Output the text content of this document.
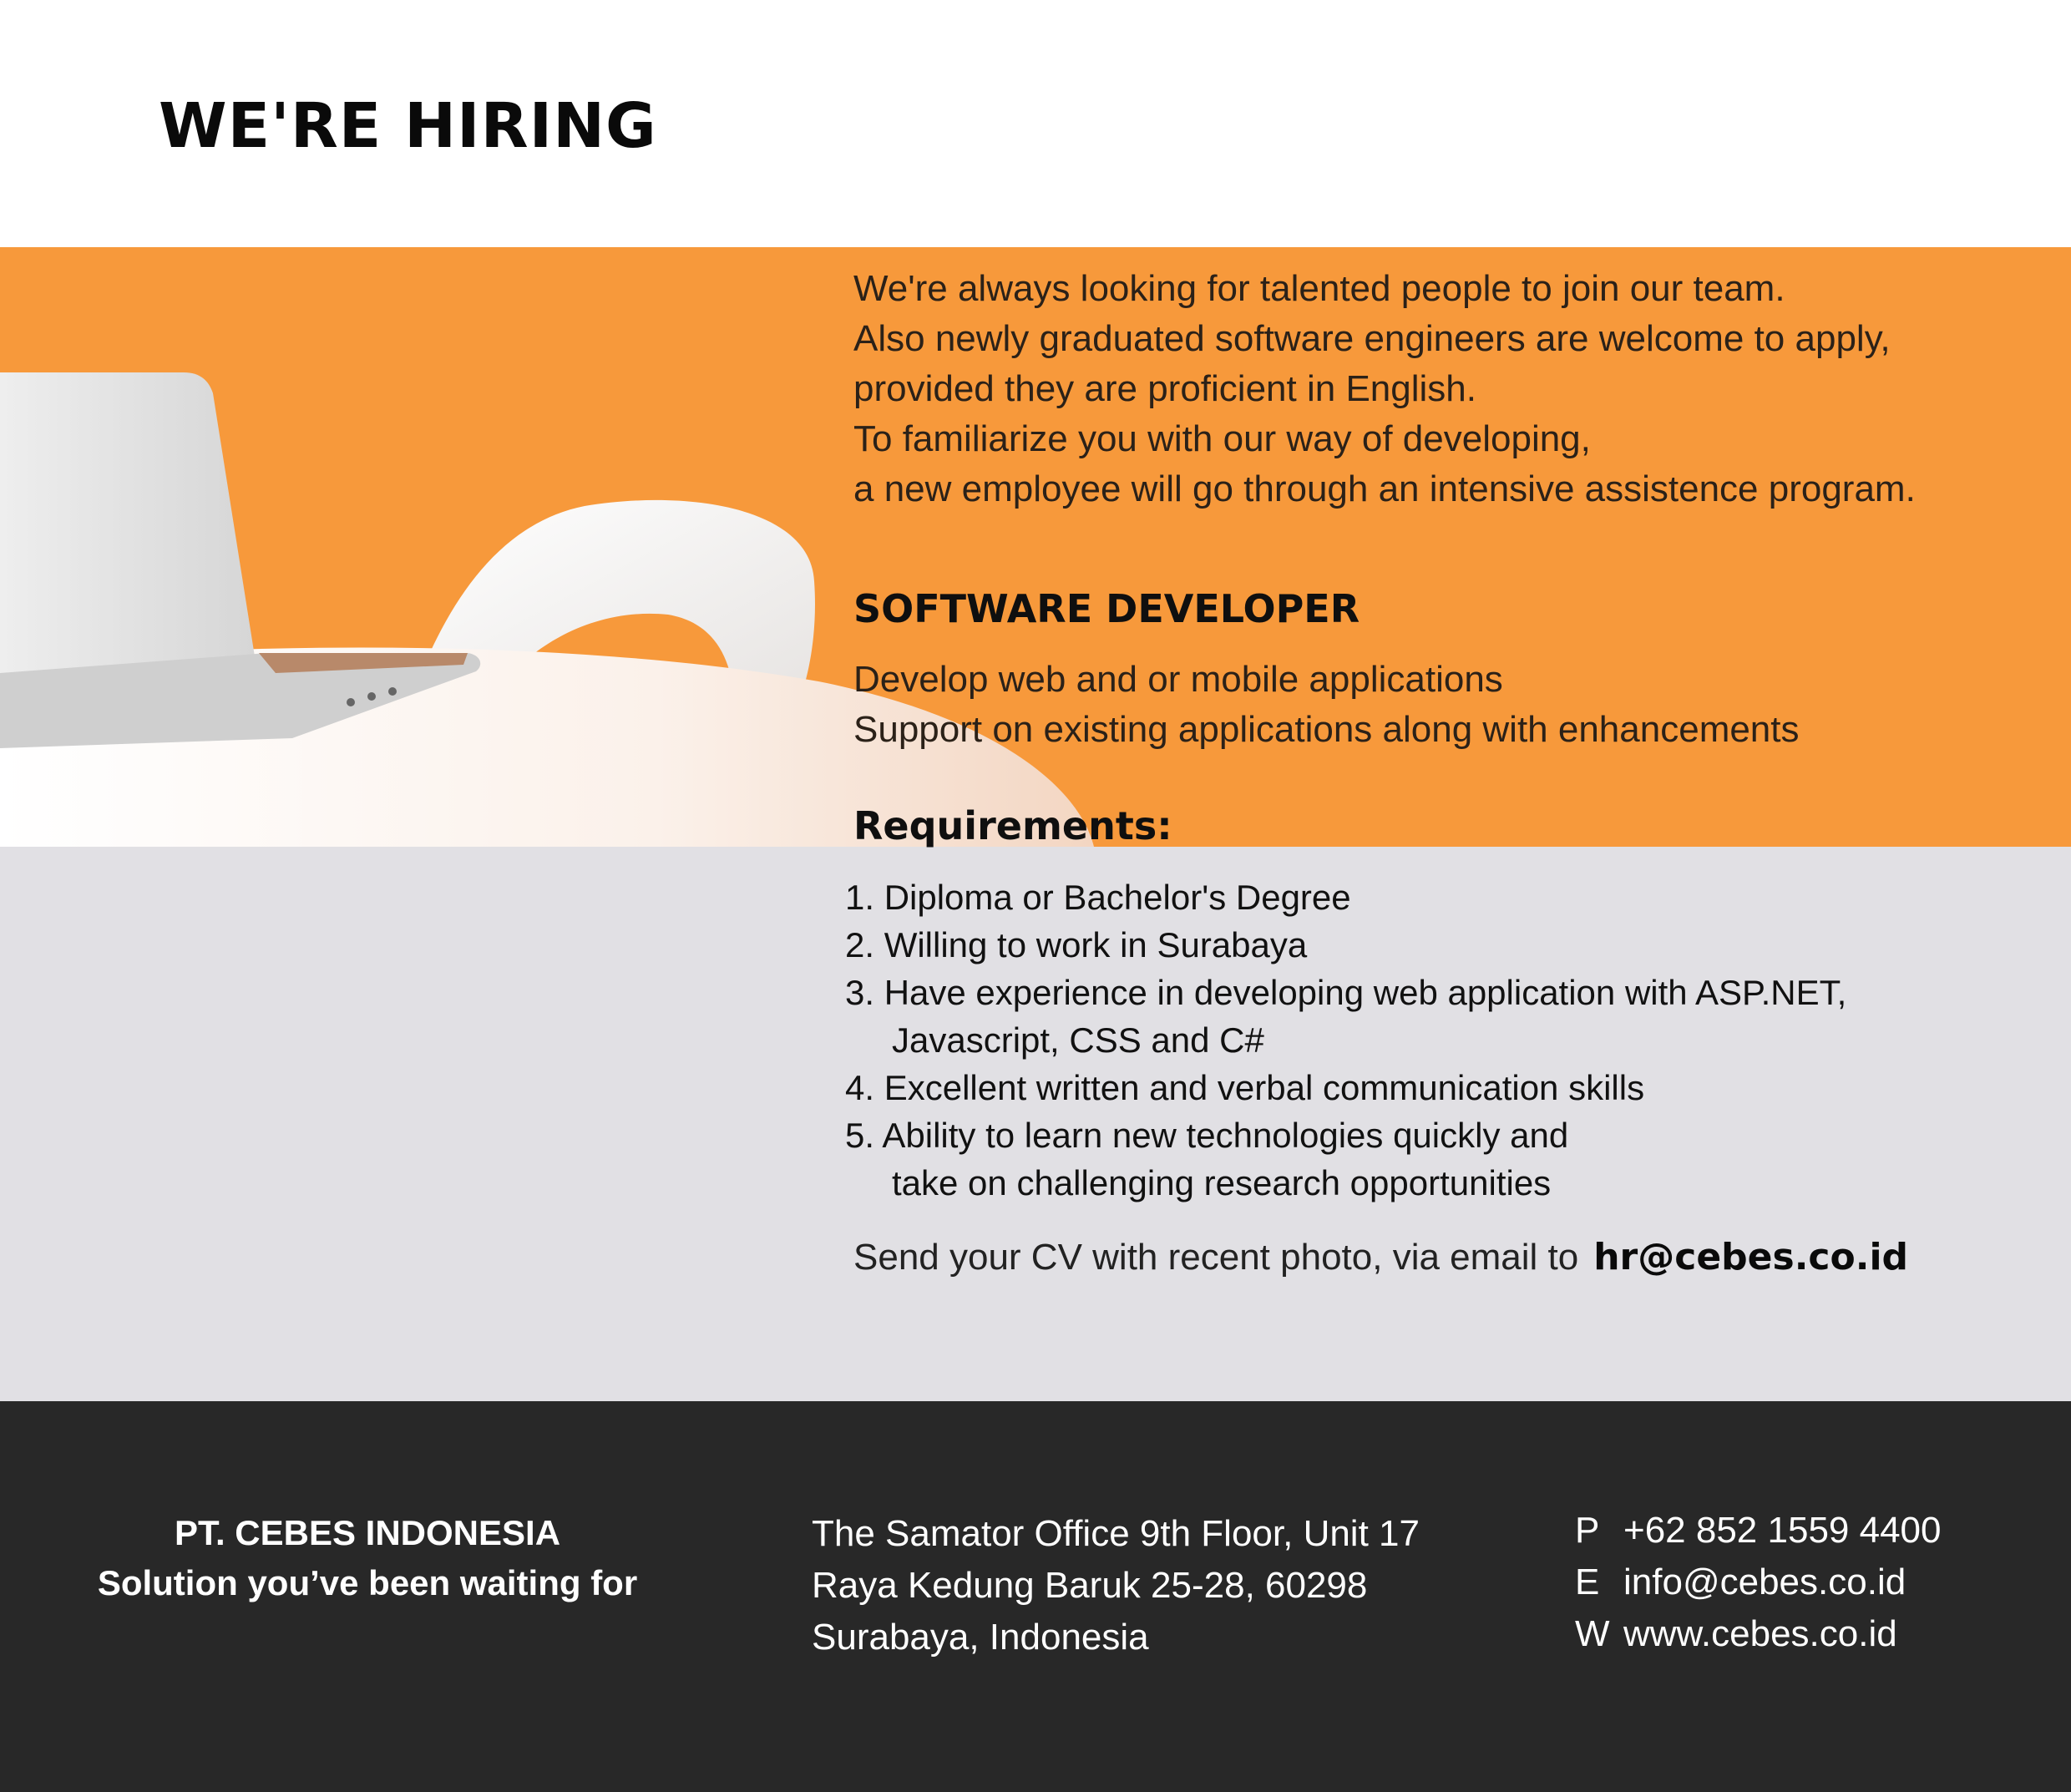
WE'RE HIRING
We're always looking for talented people to join our team.
Also newly graduated software engineers are welcome to apply,
provided they are proficient in English.
To familiarize you with our way of developing,
a new employee will go through an intensive assistence program.
SOFTWARE DEVELOPER
Develop web and or mobile applications
Support on existing applications along with enhancements
Requirements:
1. Diploma or Bachelor's Degree
2. Willing to work in Surabaya
3. Have experience in developing web application with ASP.NET,
Javascript, CSS and C#
4. Excellent written and verbal communication skills
5. Ability to learn new technologies quickly and
take on challenging research opportunities
Send your CV with recent photo, via email to hr@cebes.co.id
PT. CEBES INDONESIA
Solution you’ve been waiting for
The Samator Office 9th Floor, Unit 17
Raya Kedung Baruk 25-28, 60298
Surabaya, Indonesia
P +62 852 1559 4400
E info@cebes.co.id
W www.cebes.co.id
